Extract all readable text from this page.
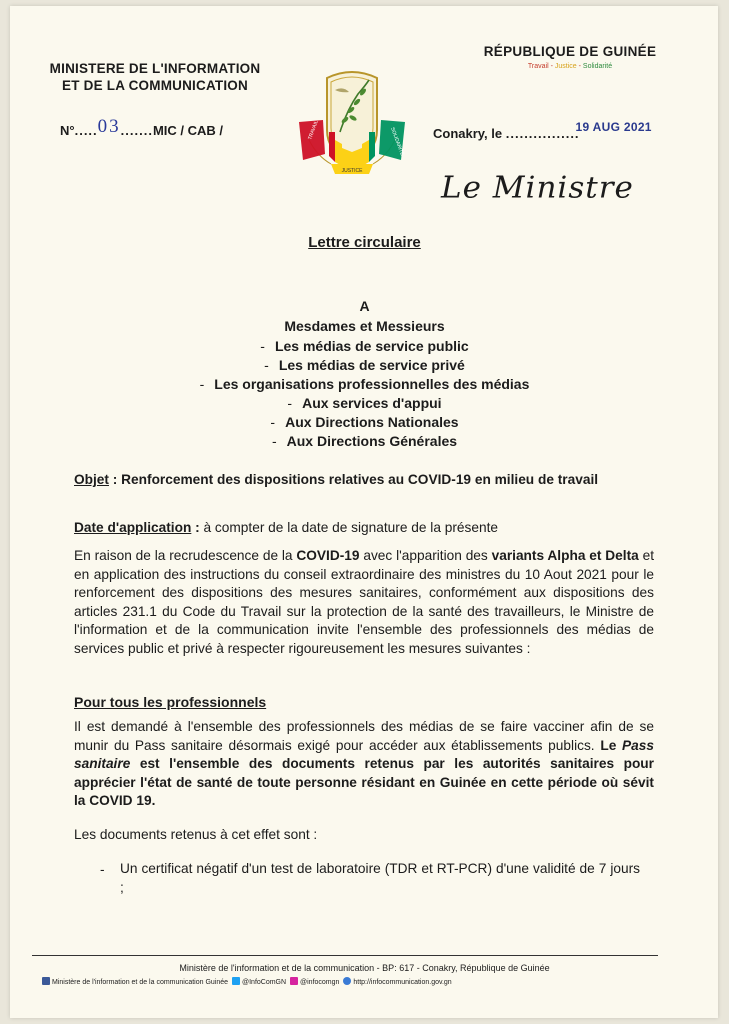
MINISTERE DE L'INFORMATION
ET DE LA COMMUNICATION
RÉPUBLIQUE DE GUINÉE
Travail - Justice - Solidarité
TRAVAIL
JUSTICE
SOLIDARITÉ
N°.....03.......MIC / CAB /	Conakry, le ................19 AUG 2021
Le Ministre
Lettre circulaire
A
Mesdames et Messieurs
- Les médias de service public
- Les médias de service privé
- Les organisations professionnelles des médias
- Aux services d'appui
- Aux Directions Nationales
- Aux Directions Générales
Objet : Renforcement des dispositions relatives au COVID-19 en milieu de travail
Date d'application : à compter de la date de signature de la présente
En raison de la recrudescence de la COVID-19 avec l'apparition des variants Alpha et Delta et en application des instructions du conseil extraordinaire des ministres du 10 Aout 2021 pour le renforcement des dispositions des mesures sanitaires, conformément aux dispositions des articles 231.1 du Code du Travail sur la protection de la santé des travailleurs, le Ministre de l'information et de la communication invite l'ensemble des professionnels des médias de services public et privé à respecter rigoureusement les mesures suivantes :
Pour tous les professionnels
Il est demandé à l'ensemble des professionnels des médias de se faire vacciner afin de se munir du Pass sanitaire désormais exigé pour accéder aux établissements publics. Le Pass sanitaire est l'ensemble des documents retenus par les autorités sanitaires pour apprécier l'état de santé de toute personne résidant en Guinée en cette période où sévit la COVID 19.
Les documents retenus à cet effet sont :
- Un certificat négatif d'un test de laboratoire (TDR et RT-PCR) d'une validité de 7 jours ;
Ministère de l'information et de la communication - BP: 617 - Conakry, République de Guinée
Ministère de l'information et de la communication Guinée @InfoComGN @infocomgn http://infocommunication.gov.gn
